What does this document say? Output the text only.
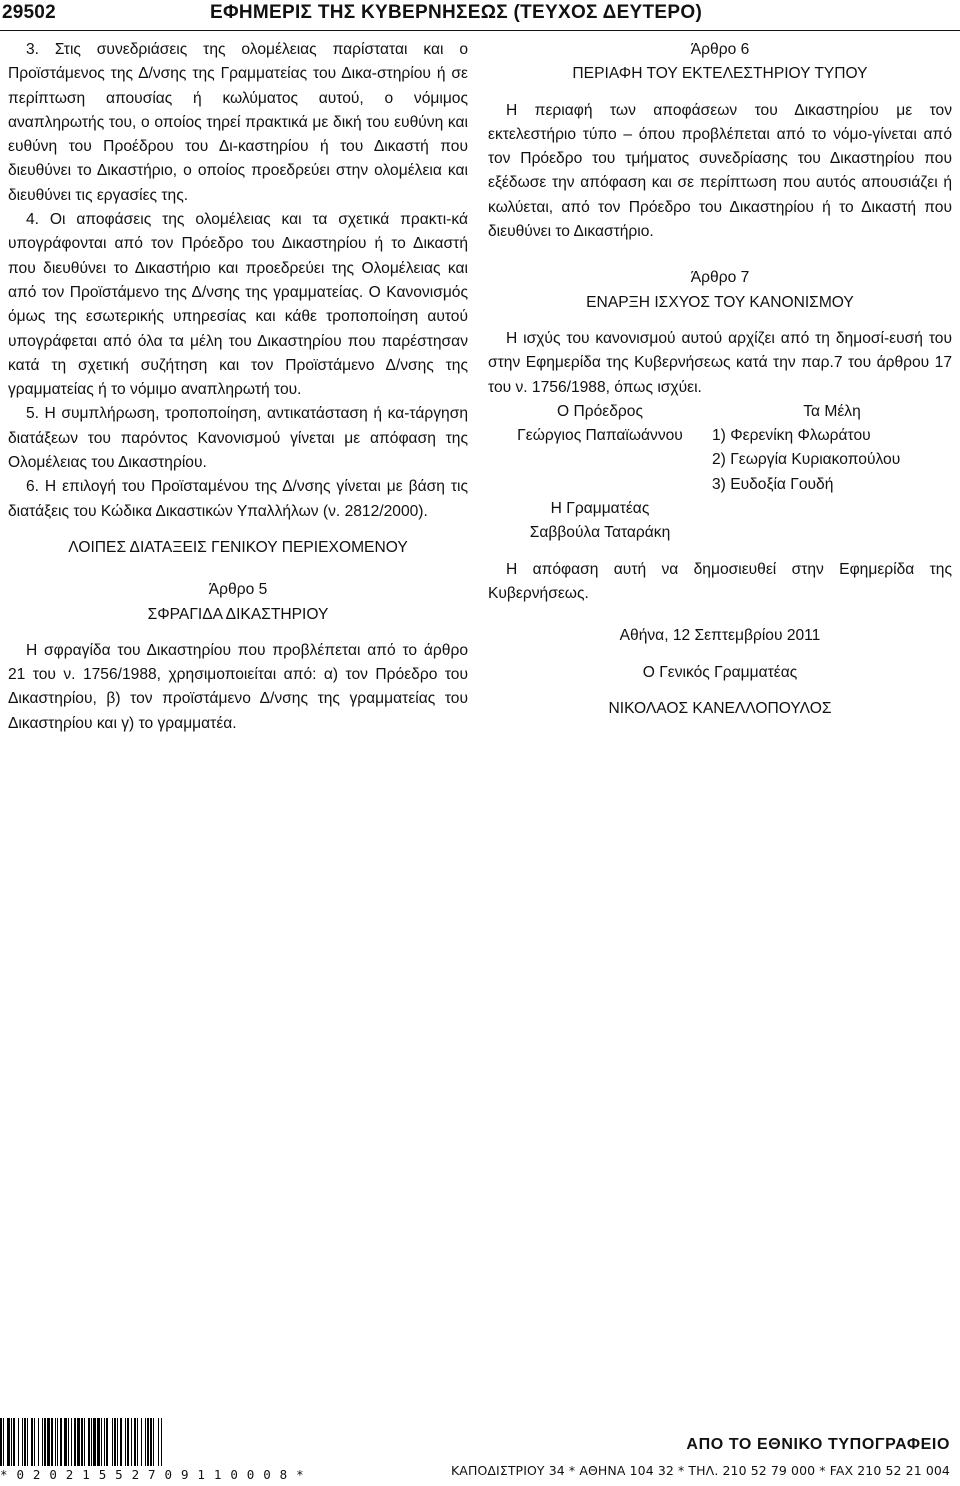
29502	ΕΦΗΜΕΡΙΣ ΤΗΣ ΚΥΒΕΡΝΗΣΕΩΣ (ΤΕΥΧΟΣ ΔΕΥΤΕΡΟ)

3. Στις συνεδριάσεις της ολομέλειας παρίσταται και ο Προϊστάμενος της Δ/νσης της Γραμματείας του Δικα-στηρίου ή σε περίπτωση απουσίας ή κωλύματος αυτού, ο νόμιμος αναπληρωτής του, ο οποίος τηρεί πρακτικά με δική του ευθύνη και ευθύνη του Προέδρου του Δι-καστηρίου ή του Δικαστή που διευθύνει το Δικαστήριο, ο οποίος προεδρεύει στην ολομέλεια και διευθύνει τις εργασίες της.

4. Οι αποφάσεις της ολομέλειας και τα σχετικά πρακτι-κά υπογράφονται από τον Πρόεδρο του Δικαστηρίου ή το Δικαστή που διευθύνει το Δικαστήριο και προεδρεύει της Ολομέλειας και από τον Προϊστάμενο της Δ/νσης της γραμματείας. Ο Κανονισμός όμως της εσωτερικής υπηρεσίας και κάθε τροποποίηση αυτού υπογράφεται από όλα τα μέλη του Δικαστηρίου που παρέστησαν κατά τη σχετική συζήτηση και τον Προϊστάμενο Δ/νσης της γραμματείας ή το νόμιμο αναπληρωτή του.

5. Η συμπλήρωση, τροποποίηση, αντικατάσταση ή κα-τάργηση διατάξεων του παρόντος Κανονισμού γίνεται με απόφαση της Ολομέλειας του Δικαστηρίου.

6. Η επιλογή του Προϊσταμένου της Δ/νσης γίνεται με βάση τις διατάξεις του Κώδικα Δικαστικών Υπαλλήλων (ν. 2812/2000).

ΛΟΙΠΕΣ ΔΙΑΤΑΞΕΙΣ ΓΕΝΙΚΟΥ ΠΕΡΙΕΧΟΜΕΝΟΥ

Άρθρο 5

ΣΦΡΑΓΙΔΑ ΔΙΚΑΣΤΗΡΙΟΥ

Η σφραγίδα του Δικαστηρίου που προβλέπεται από το άρθρο 21 του ν. 1756/1988, χρησιμοποιείται από: α) τον Πρόεδρο του Δικαστηρίου, β) τον προϊστάμενο Δ/νσης της γραμματείας του Δικαστηρίου και γ) το γραμματέα.

Άρθρο 6

ΠΕΡΙΑΦΗ ΤΟΥ ΕΚΤΕΛΕΣΤΗΡΙΟΥ ΤΥΠΟΥ

Η περιαφή των αποφάσεων του Δικαστηρίου με τον εκτελεστήριο τύπο – όπου προβλέπεται από το νόμο-γίνεται από τον Πρόεδρο του τμήματος συνεδρίασης του Δικαστηρίου που εξέδωσε την απόφαση και σε περίπτωση που αυτός απουσιάζει ή κωλύεται, από τον Πρόεδρο του Δικαστηρίου ή το Δικαστή που διευθύνει το Δικαστήριο.

Άρθρο 7

ΕΝΑΡΞΗ ΙΣΧΥΟΣ ΤΟΥ ΚΑΝΟΝΙΣΜΟΥ

Η ισχύς του κανονισμού αυτού αρχίζει από τη δημοσί-ευσή του στην Εφημερίδα της Κυβερνήσεως κατά την παρ.7 του άρθρου 17 του ν. 1756/1988, όπως ισχύει.

Ο Πρόεδρος	Τα Μέλη
Γεώργιος Παπαϊωάννου	1) Φερενίκη Φλωράτου
2) Γεωργία Κυριακοπούλου
3) Ευδοξία Γουδή
Η Γραμματέας
Σαββούλα Ταταράκη

Η απόφαση αυτή να δημοσιευθεί στην Εφημερίδα της Κυβερνήσεως.

Αθήνα, 12 Σεπτεμβρίου 2011

Ο Γενικός Γραμματέας

ΝΙΚΟΛΑΟΣ ΚΑΝΕΛΛΟΠΟΥΛΟΣ

* 0 2 0 2 1 5 5 2 7 0 9 1 1 0 0 0 8 *
ΑΠΟ ΤΟ ΕΘΝΙΚΟ ΤΥΠΟΓΡΑΦΕΙΟ
ΚΑΠΟΔΙΣΤΡΙΟΥ 34 * ΑΘΗΝΑ 104 32 * ΤΗΛ. 210 52 79 000 * FAX 210 52 21 004
